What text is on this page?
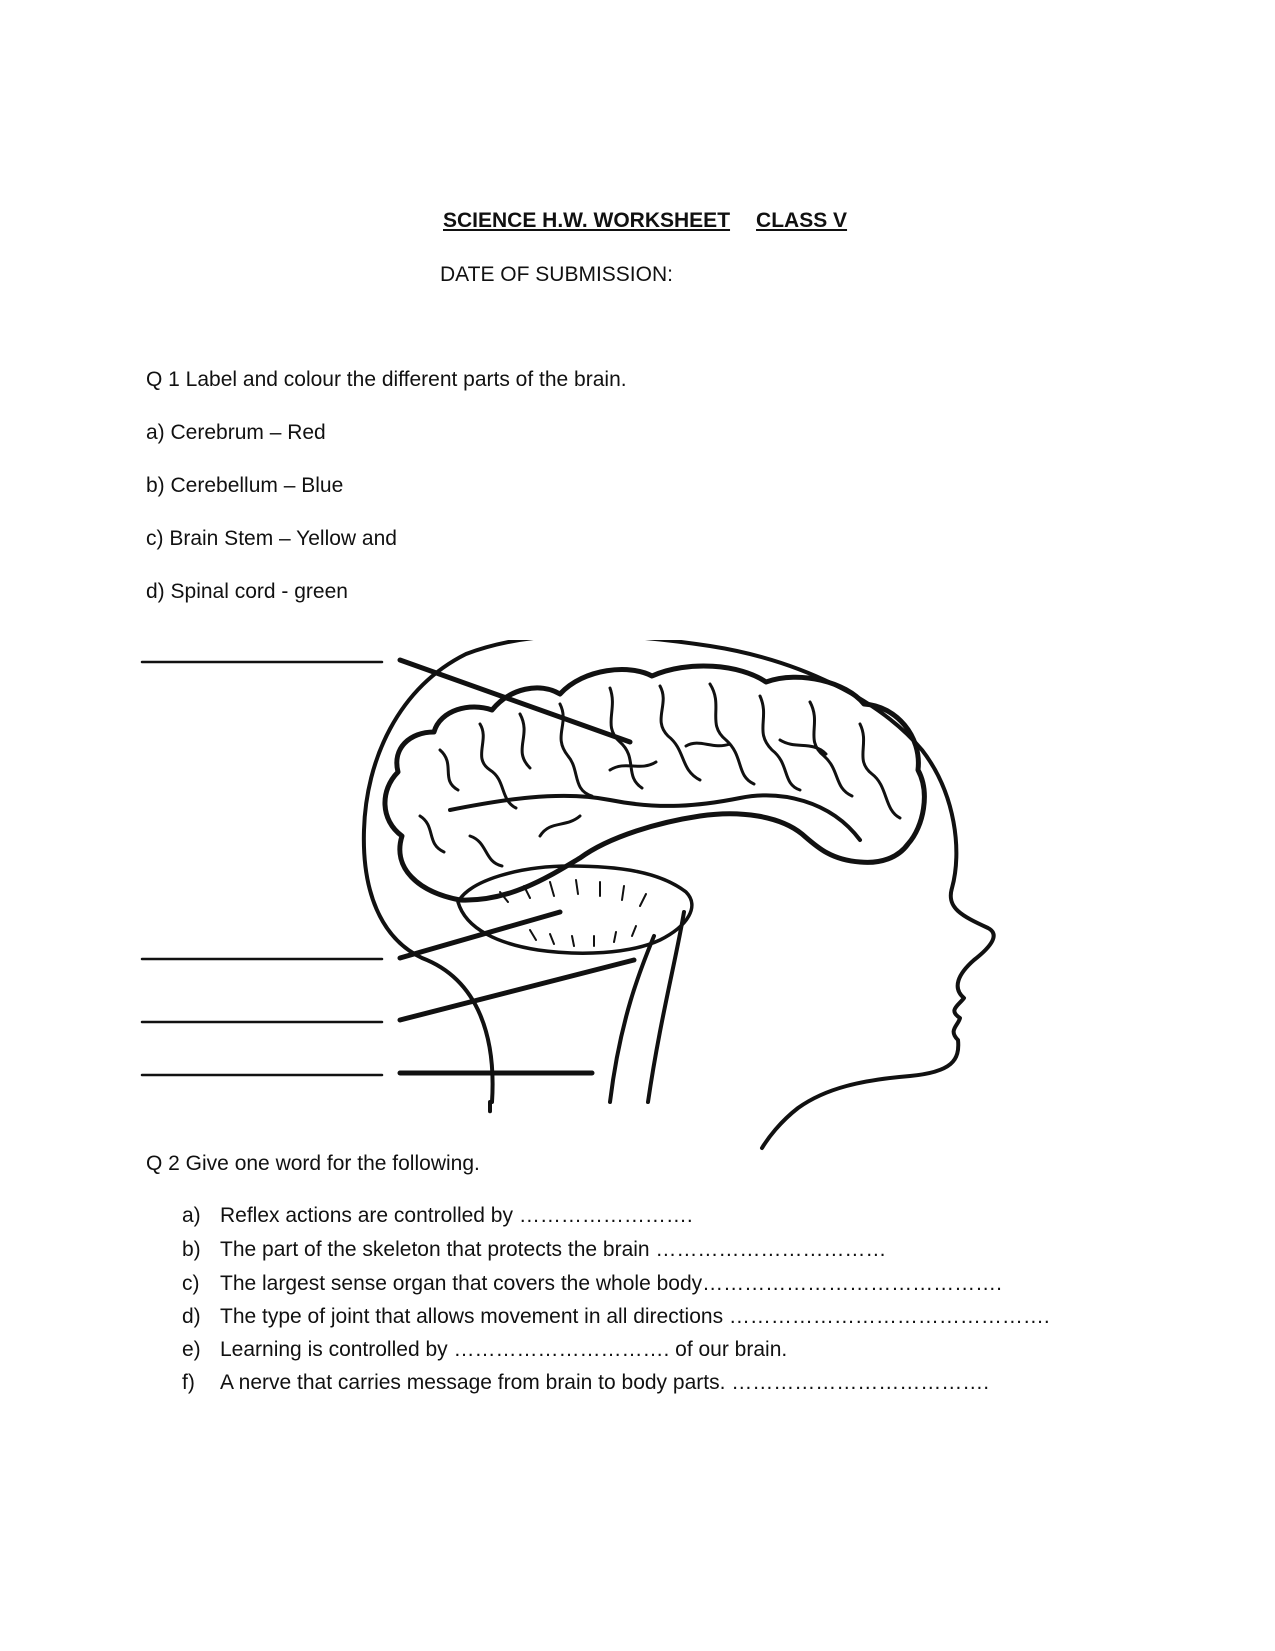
SCIENCE H.W. WORKSHEET CLASS V
DATE OF SUBMISSION:
Q 1 Label and colour the different parts of the brain.
a) Cerebrum – Red
b) Cerebellum – Blue
c) Brain Stem – Yellow and
d) Spinal cord - green
Q 2 Give one word for the following.
a) Reflex actions are controlled by …………………….
b) The part of the skeleton that protects the brain ……………………………
c) The largest sense organ that covers the whole body…………………………………….
d) The type of joint that allows movement in all directions ……………………………………….
e) Learning is controlled by …………………………. of our brain.
f) A nerve that carries message from brain to body parts. ……………………………….
